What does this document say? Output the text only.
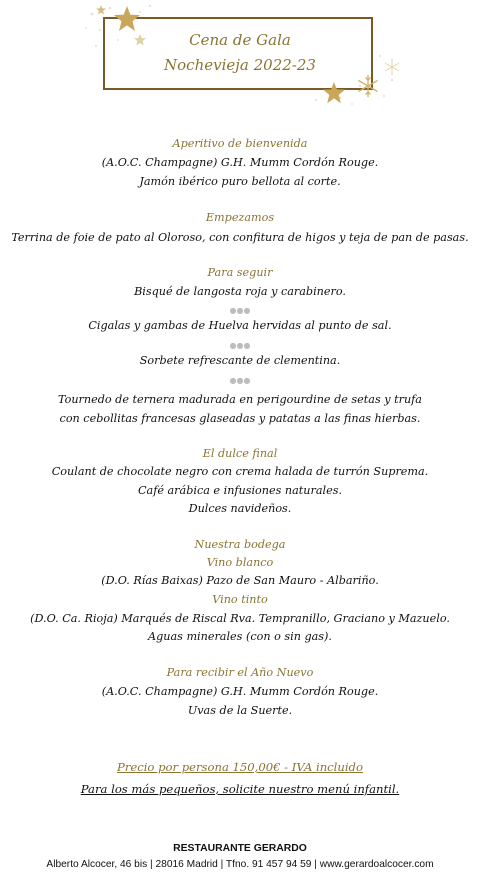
Cena de Gala
Nochevieja 2022-23
Aperitivo de bienvenida
(A.O.C. Champagne) G.H. Mumm Cordón Rouge.
Jamón ibérico puro bellota al corte.
Empezamos
Terrina de foie de pato al Oloroso, con confitura de higos y teja de pan de pasas.
Para seguir
Bisqué de langosta roja y carabinero.
●●●
Cigalas y gambas de Huelva hervidas al punto de sal.
●●●
Sorbete refrescante de clementina.
●●●
Tournedo de ternera madurada en perigourdine de setas y trufa
con cebollitas francesas glaseadas y patatas a las finas hierbas.
El dulce final
Coulant de chocolate negro con crema halada de turrón Suprema.
Café arábica e infusiones naturales.
Dulces navideños.
Nuestra bodega
Vino blanco
(D.O. Rías Baixas) Pazo de San Mauro - Albariño.
Vino tinto
(D.O. Ca. Rioja) Marqués de Riscal Rva. Tempranillo, Graciano y Mazuelo.
Aguas minerales (con o sin gas).
Para recibir el Año Nuevo
(A.O.C. Champagne) G.H. Mumm Cordón Rouge.
Uvas de la Suerte.
Precio por persona 150,00€ - IVA incluido
Para los más pequeños, solicite nuestro menú infantil.
RESTAURANTE GERARDO
Alberto Alcocer, 46 bis | 28016 Madrid | Tfno. 91 457 94 59 | www.gerardoalcocer.com
